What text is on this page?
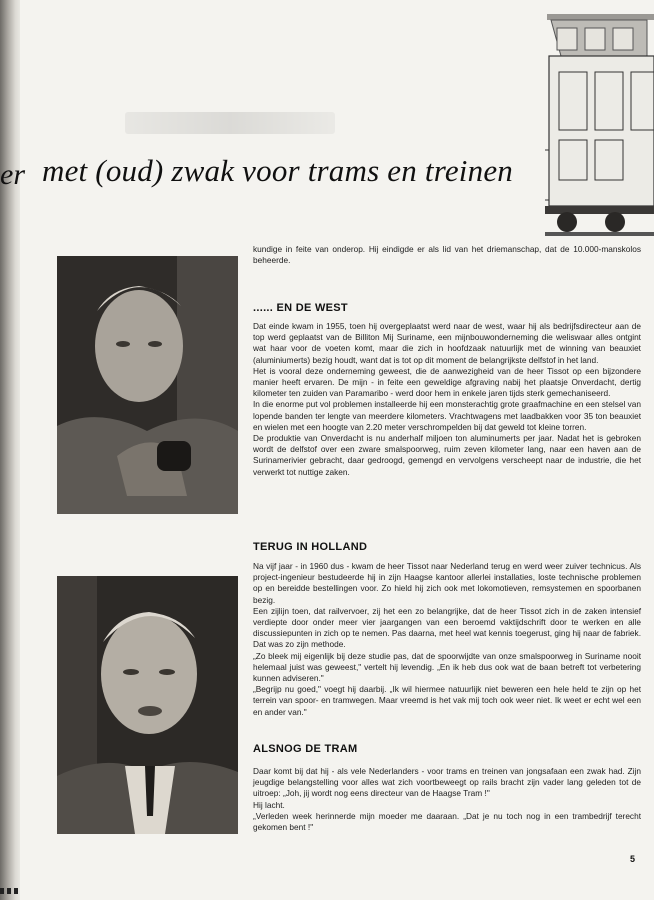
er met (oud) zwak voor trams en treinen

kundige in feite van onderop. Hij eindigde er als lid van het driemanschap, dat de 10.000-manskolos beheerde.

...... EN DE WEST

Dat einde kwam in 1955, toen hij overgeplaatst werd naar de west, waar hij als bedrijfsdirecteur aan de top werd geplaatst van de Billiton Mij Suriname, een mijnbouwonderneming die weliswaar alles ontgint wat haar voor de voeten komt, maar die zich in hoofdzaak natuurlijk met de winning van beauxiet (aluminiumerts) bezig houdt, want dat is tot op dit moment de belangrijkste delfstof in het land.

Het is vooral deze onderneming geweest, die de aanwezigheid van de heer Tissot op een bijzondere manier heeft ervaren. De mijn - in feite een geweldige afgraving nabij het plaatsje Onverdacht, dertig kilometer ten zuiden van Paramaribo - werd door hem in enkele jaren tijds sterk gemechaniseerd.

In die enorme put vol problemen installeerde hij een monsterachtig grote graafmachine en een stelsel van lopende banden ter lengte van meerdere kilometers. Vrachtwagens met laadbakken voor 35 ton beauxiet en wielen met een hoogte van 2.20 meter verschrompelden bij dat geweld tot kleine torren.

De produktie van Onverdacht is nu anderhalf miljoen ton aluminumerts per jaar. Nadat het is gebroken wordt de delfstof over een zware smalspoorweg, ruim zeven kilometer lang, naar een haven aan de Surinamerivier gebracht, daar gedroogd, gemengd en vervolgens verscheept naar de industrie, die het verwerkt tot nuttige zaken.

TERUG IN HOLLAND

Na vijf jaar - in 1960 dus - kwam de heer Tissot naar Nederland terug en werd weer zuiver technicus. Als project-ingenieur bestudeerde hij in zijn Haagse kantoor allerlei installaties, loste technische problemen op en bereidde bestellingen voor. Zo hield hij zich ook met lokomotieven, remsystemen en spoorbanen bezig.

Een zijlijn toen, dat railvervoer, zij het een zo belangrijke, dat de heer Tissot zich in de zaken intensief verdiepte door onder meer vier jaargangen van een beroemd vaktijdschrift door te werken en alle discussiepunten in zich op te nemen. Pas daarna, met heel wat kennis toegerust, ging hij naar de fabriek. Dat was zo zijn methode.

„Zo bleek mij eigenlijk bij deze studie pas, dat de spoorwijdte van onze smalspoorweg in Suriname nooit helemaal juist was geweest," vertelt hij levendig. „En ik heb dus ook wat de baan betreft tot verbetering kunnen adviseren."

„Begrijp nu goed," voegt hij daarbij. „Ik wil hiermee natuurlijk niet beweren een hele held te zijn op het terrein van spoor- en tramwegen. Maar vreemd is het vak mij toch ook weer niet. Ik weet er echt wel een en ander van."

ALSNOG DE TRAM

Daar komt bij dat hij - als vele Nederlanders - voor trams en treinen van jongsafaan een zwak had. Zijn jeugdige belangstelling voor alles wat zich voortbeweegt op rails bracht zijn vader lang geleden tot de uitroep: „Joh, jij wordt nog eens directeur van de Haagse Tram !"

Hij lacht.

„Verleden week herinnerde mijn moeder me daaraan. „Dat je nu toch nog in een trambedrijf terecht gekomen bent !"

5
